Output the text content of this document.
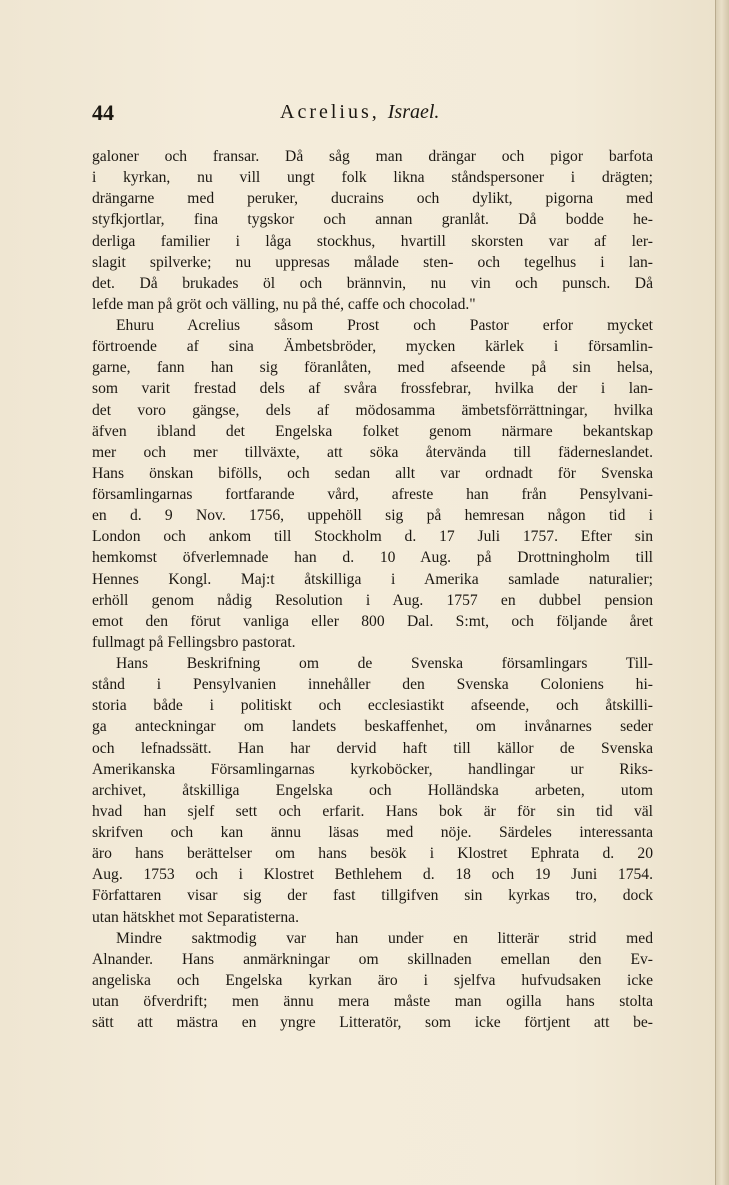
44	Acrelius, Israel.
galoner och fransar. Då såg man drängar och pigor barfota
i kyrkan, nu vill ungt folk likna ståndspersoner i drägten;
drängarne med peruker, ducrains och dylikt, pigorna med
styfkjortlar, fina tygskor och annan granlåt. Då bodde he-
derliga familier i låga stockhus, hvartill skorsten var af ler-
slagit spilverke; nu uppresas målade sten- och tegelhus i lan-
det. Då brukades öl och brännvin, nu vin och punsch. Då
lefde man på gröt och välling, nu på thé, caffe och chocolad."
Ehuru Acrelius såsom Prost och Pastor erfor mycket
förtroende af sina Ämbetsbröder, mycken kärlek i församlin-
garne, fann han sig föranlåten, med afseende på sin helsa,
som varit frestad dels af svåra frossfebrar, hvilka der i lan-
det voro gängse, dels af mödosamma ämbetsförrättningar, hvilka
äfven ibland det Engelska folket genom närmare bekantskap
mer och mer tillväxte, att söka återvända till fäderneslandet.
Hans önskan bifölls, och sedan allt var ordnadt för Svenska
församlingarnas fortfarande vård, afreste han från Pensylvani-
en d. 9 Nov. 1756, uppehöll sig på hemresan någon tid i
London och ankom till Stockholm d. 17 Juli 1757. Efter sin
hemkomst öfverlemnade han d. 10 Aug. på Drottningholm till
Hennes Kongl. Maj:t åtskilliga i Amerika samlade naturalier;
erhöll genom nådig Resolution i Aug. 1757 en dubbel pension
emot den förut vanliga eller 800 Dal. S:mt, och följande året
fullmagt på Fellingsbro pastorat.
Hans Beskrifning om de Svenska församlingars Till-
stånd i Pensylvanien innehåller den Svenska Coloniens hi-
storia både i politiskt och ecclesiastikt afseende, och åtskilli-
ga anteckningar om landets beskaffenhet, om invånarnes seder
och lefnadssätt. Han har dervid haft till källor de Svenska
Amerikanska Församlingarnas kyrkoböcker, handlingar ur Riks-
archivet, åtskilliga Engelska och Holländska arbeten, utom
hvad han sjelf sett och erfarit. Hans bok är för sin tid väl
skrifven och kan ännu läsas med nöje. Särdeles interessanta
äro hans berättelser om hans besök i Klostret Ephrata d. 20
Aug. 1753 och i Klostret Bethlehem d. 18 och 19 Juni 1754.
Författaren visar sig der fast tillgifven sin kyrkas tro, dock
utan hätskhet mot Separatisterna.
Mindre saktmodig var han under en litterär strid med
Alnander. Hans anmärkningar om skillnaden emellan den Ev-
angeliska och Engelska kyrkan äro i sjelfva hufvudsaken icke
utan öfverdrift; men ännu mera måste man ogilla hans stolta
sätt att mästra en yngre Litteratör, som icke förtjent att be-
